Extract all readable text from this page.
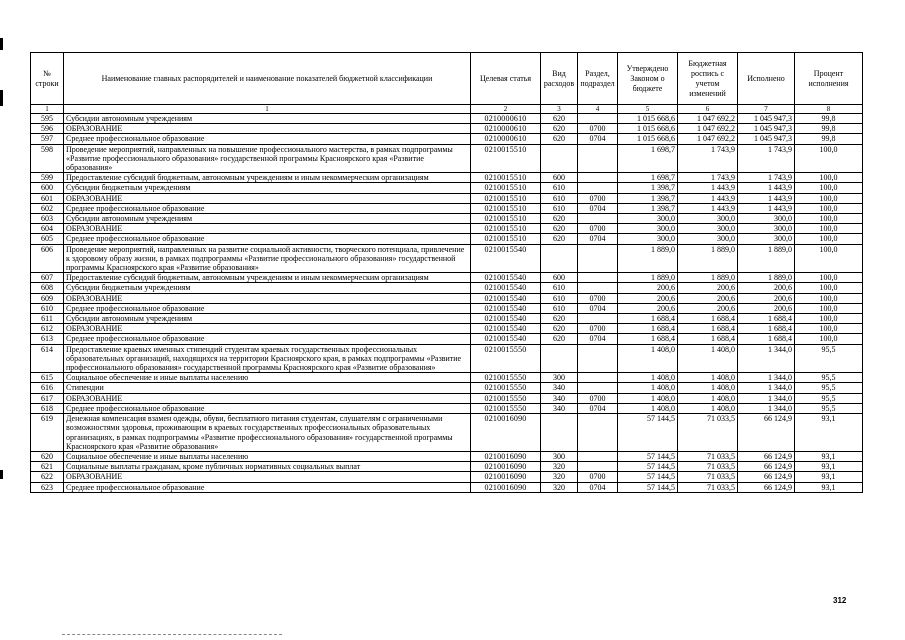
№ строки	Наименование главных распорядителей и наименование показателей бюджетной классификации	Целевая статья	Вид расходов	Раздел, подраздел	Утверждено Законом о бюджете	Бюджетная роспись с учетом изменений	Исполнено	Процент исполнения
1	1	2	3	4	5	6	7	8
595	Субсидии автономным учреждениям	0210000610	620		1 015 668,6	1 047 692,2	1 045 947,3	99,8
596	ОБРАЗОВАНИЕ	0210000610	620	0700	1 015 668,6	1 047 692,2	1 045 947,3	99,8
597	Среднее профессиональное образование	0210000610	620	0704	1 015 668,6	1 047 692,2	1 045 947,3	99,8
598	Проведение мероприятий, направленных на повышение профессионального мастерства, в рамках подпрограммы «Развитие профессионального образования» государственной программы Красноярского края «Развитие образования»	0210015510			1 698,7	1 743,9	1 743,9	100,0
599	Предоставление субсидий бюджетным, автономным учреждениям и иным некоммерческим организациям	0210015510	600		1 698,7	1 743,9	1 743,9	100,0
600	Субсидии бюджетным учреждениям	0210015510	610		1 398,7	1 443,9	1 443,9	100,0
601	ОБРАЗОВАНИЕ	0210015510	610	0700	1 398,7	1 443,9	1 443,9	100,0
602	Среднее профессиональное образование	0210015510	610	0704	1 398,7	1 443,9	1 443,9	100,0
603	Субсидии автономным учреждениям	0210015510	620		300,0	300,0	300,0	100,0
604	ОБРАЗОВАНИЕ	0210015510	620	0700	300,0	300,0	300,0	100,0
605	Среднее профессиональное образование	0210015510	620	0704	300,0	300,0	300,0	100,0
606	Проведение мероприятий, направленных на развитие социальной активности, творческого потенциала, привлечение к здоровому образу жизни, в рамках подпрограммы «Развитие профессионального образования» государственной программы Красноярского края «Развитие образования»	0210015540			1 889,0	1 889,0	1 889,0	100,0
607	Предоставление субсидий бюджетным, автономным учреждениям и иным некоммерческим организациям	0210015540	600		1 889,0	1 889,0	1 889,0	100,0
608	Субсидии бюджетным учреждениям	0210015540	610		200,6	200,6	200,6	100,0
609	ОБРАЗОВАНИЕ	0210015540	610	0700	200,6	200,6	200,6	100,0
610	Среднее профессиональное образование	0210015540	610	0704	200,6	200,6	200,6	100,0
611	Субсидии автономным учреждениям	0210015540	620		1 688,4	1 688,4	1 688,4	100,0
612	ОБРАЗОВАНИЕ	0210015540	620	0700	1 688,4	1 688,4	1 688,4	100,0
613	Среднее профессиональное образование	0210015540	620	0704	1 688,4	1 688,4	1 688,4	100,0
614	Предоставление краевых именных стипендий студентам краевых государственных профессиональных образовательных организаций, находящихся на территории Красноярского края, в рамках подпрограммы «Развитие профессионального образования» государственной программы Красноярского края «Развитие образования»	0210015550			1 408,0	1 408,0	1 344,0	95,5
615	Социальное обеспечение и иные выплаты населению	0210015550	300		1 408,0	1 408,0	1 344,0	95,5
616	Стипендии	0210015550	340		1 408,0	1 408,0	1 344,0	95,5
617	ОБРАЗОВАНИЕ	0210015550	340	0700	1 408,0	1 408,0	1 344,0	95,5
618	Среднее профессиональное образование	0210015550	340	0704	1 408,0	1 408,0	1 344,0	95,5
619	Денежная компенсация взамен одежды, обуви, бесплатного питания студентам, слушателям с ограниченными возможностями здоровья, проживающим в краевых государственных профессиональных образовательных организациях, в рамках подпрограммы «Развитие профессионального образования» государственной программы Красноярского края «Развитие образования»	0210016090			57 144,5	71 033,5	66 124,9	93,1
620	Социальное обеспечение и иные выплаты населению	0210016090	300		57 144,5	71 033,5	66 124,9	93,1
621	Социальные выплаты гражданам, кроме публичных нормативных социальных выплат	0210016090	320		57 144,5	71 033,5	66 124,9	93,1
622	ОБРАЗОВАНИЕ	0210016090	320	0700	57 144,5	71 033,5	66 124,9	93,1
623	Среднее профессиональное образование	0210016090	320	0704	57 144,5	71 033,5	66 124,9	93,1
312
